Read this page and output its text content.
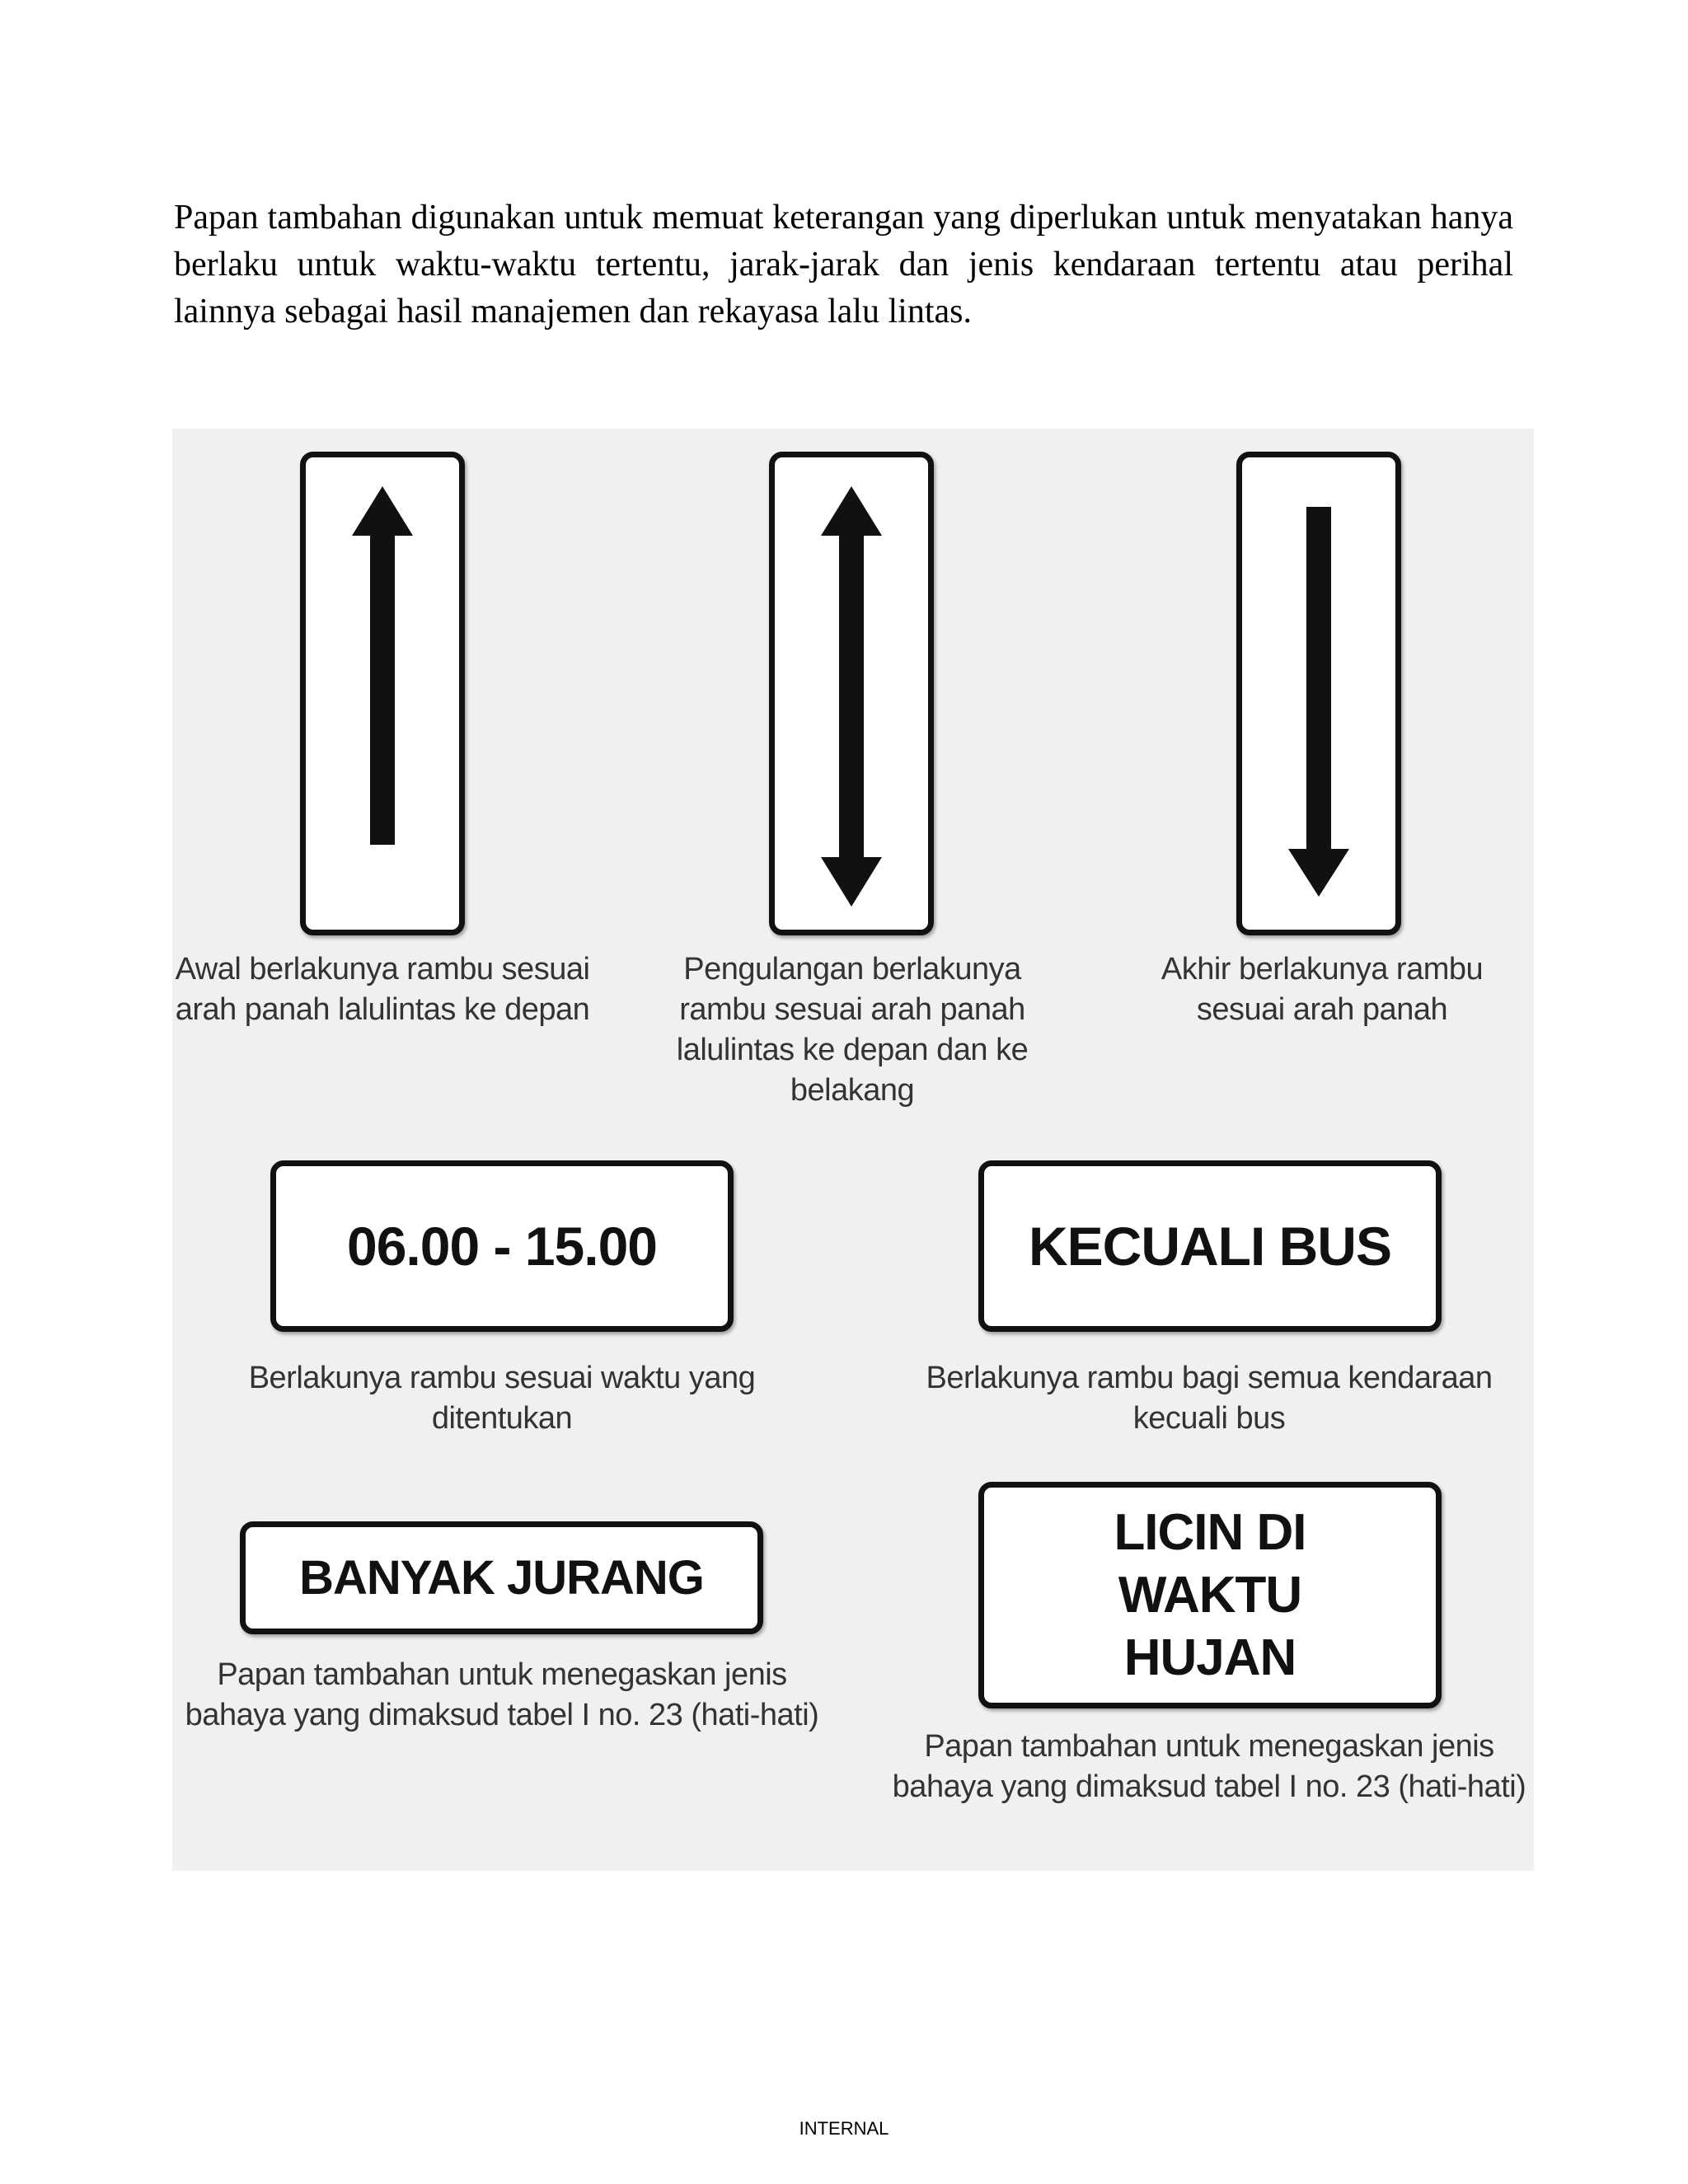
Papan tambahan digunakan untuk memuat keterangan yang diperlukan untuk menyatakan hanya berlaku untuk waktu-waktu tertentu, jarak-jarak dan jenis kendaraan tertentu atau perihal lainnya sebagai hasil manajemen dan rekayasa lalu lintas.

Awal berlakunya rambu sesuai arah panah lalulintas ke depan
Pengulangan berlakunya rambu sesuai arah panah lalulintas ke depan dan ke belakang
Akhir berlakunya rambu sesuai arah panah
06.00 - 15.00
Berlakunya rambu sesuai waktu yang ditentukan
KECUALI BUS
Berlakunya rambu bagi semua kendaraan kecuali bus
BANYAK JURANG
Papan tambahan untuk menegaskan jenis bahaya yang dimaksud tabel I no. 23 (hati-hati)
LICIN DI WAKTU HUJAN
Papan tambahan untuk menegaskan jenis bahaya yang dimaksud tabel I no. 23 (hati-hati)
INTERNAL
